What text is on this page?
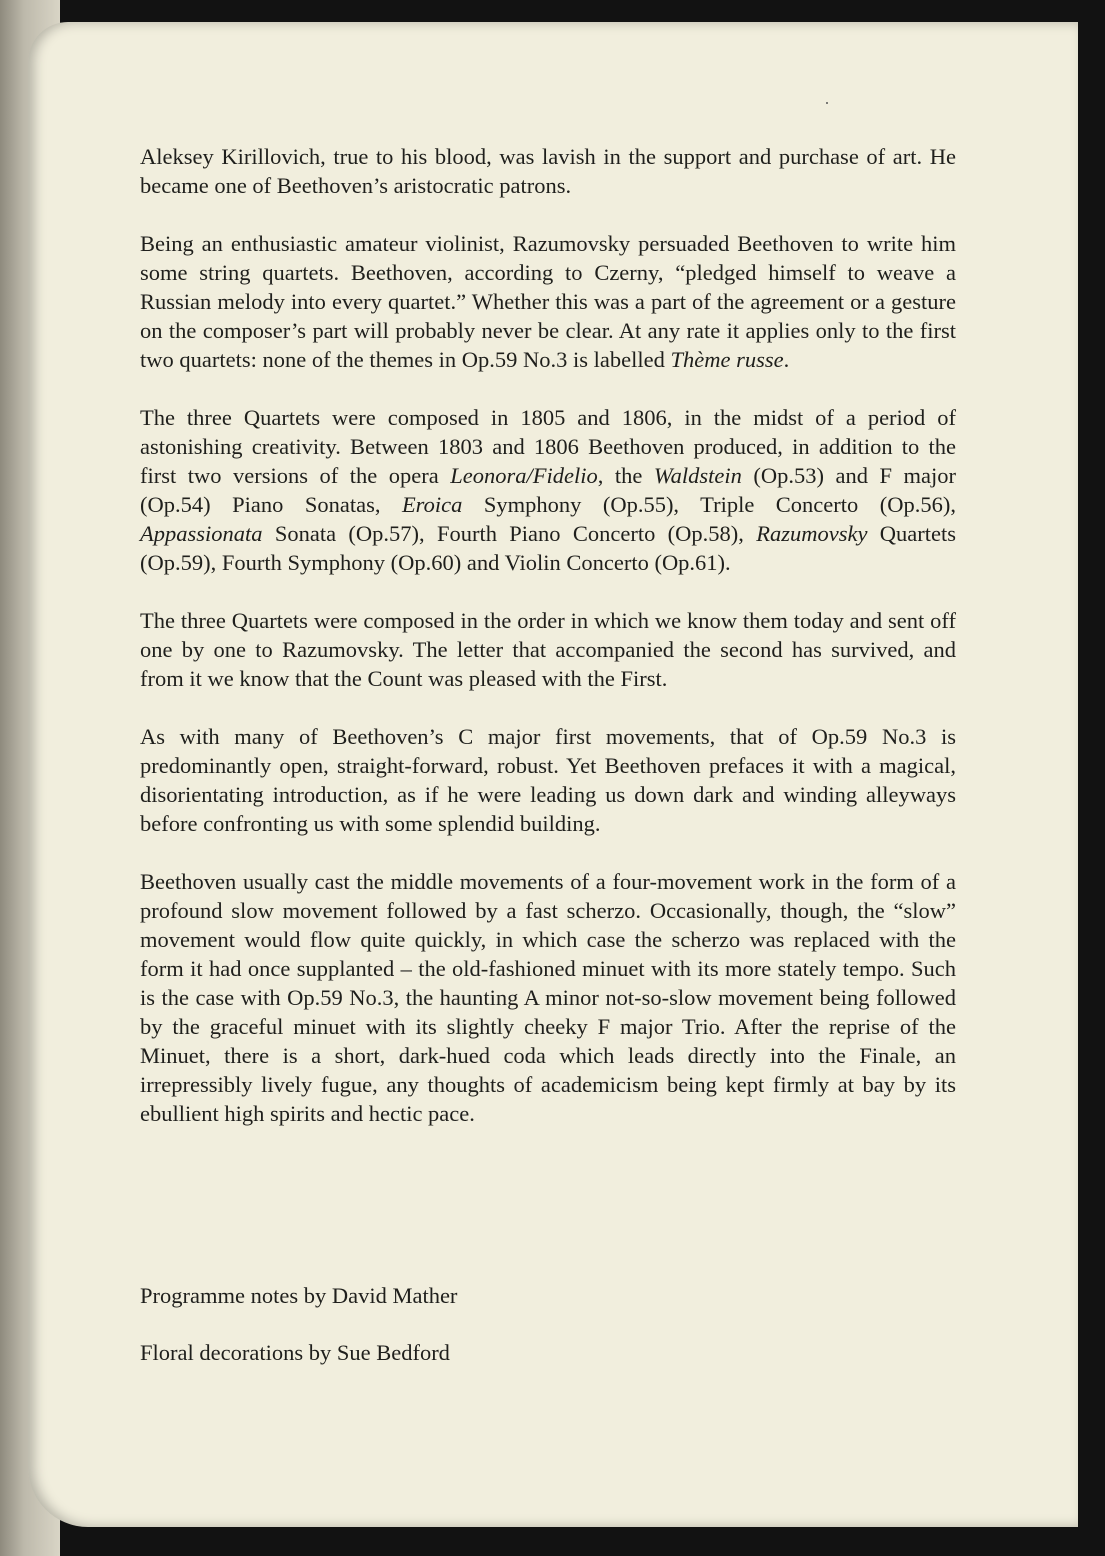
Aleksey Kirillovich, true to his blood, was lavish in the support and purchase of art. He became one of Beethoven’s aristocratic patrons.

Being an enthusiastic amateur violinist, Razumovsky persuaded Beethoven to write him some string quartets. Beethoven, according to Czerny, “pledged himself to weave a Russian melody into every quartet.” Whether this was a part of the agreement or a gesture on the composer’s part will probably never be clear. At any rate it applies only to the first two quartets: none of the themes in Op.59 No.3 is labelled Thème russe.

The three Quartets were composed in 1805 and 1806, in the midst of a period of astonishing creativity. Between 1803 and 1806 Beethoven produced, in addition to the first two versions of the opera Leonora/Fidelio, the Waldstein (Op.53) and F major (Op.54) Piano Sonatas, Eroica Symphony (Op.55), Triple Concerto (Op.56), Appassionata Sonata (Op.57), Fourth Piano Concerto (Op.58), Razumovsky Quartets (Op.59), Fourth Symphony (Op.60) and Violin Concerto (Op.61).

The three Quartets were composed in the order in which we know them today and sent off one by one to Razumovsky. The letter that accompanied the second has survived, and from it we know that the Count was pleased with the First.

As with many of Beethoven’s C major first movements, that of Op.59 No.3 is predominantly open, straight-forward, robust. Yet Beethoven prefaces it with a magical, disorientating introduction, as if he were leading us down dark and winding alleyways before confronting us with some splendid building.

Beethoven usually cast the middle movements of a four-movement work in the form of a profound slow movement followed by a fast scherzo. Occasionally, though, the “slow” movement would flow quite quickly, in which case the scherzo was replaced with the form it had once supplanted – the old-fashioned minuet with its more stately tempo. Such is the case with Op.59 No.3, the haunting A minor not-so-slow movement being followed by the graceful minuet with its slightly cheeky F major Trio. After the reprise of the Minuet, there is a short, dark-hued coda which leads directly into the Finale, an irrepressibly lively fugue, any thoughts of academicism being kept firmly at bay by its ebullient high spirits and hectic pace.

Programme notes by David Mather
Floral decorations by Sue Bedford
